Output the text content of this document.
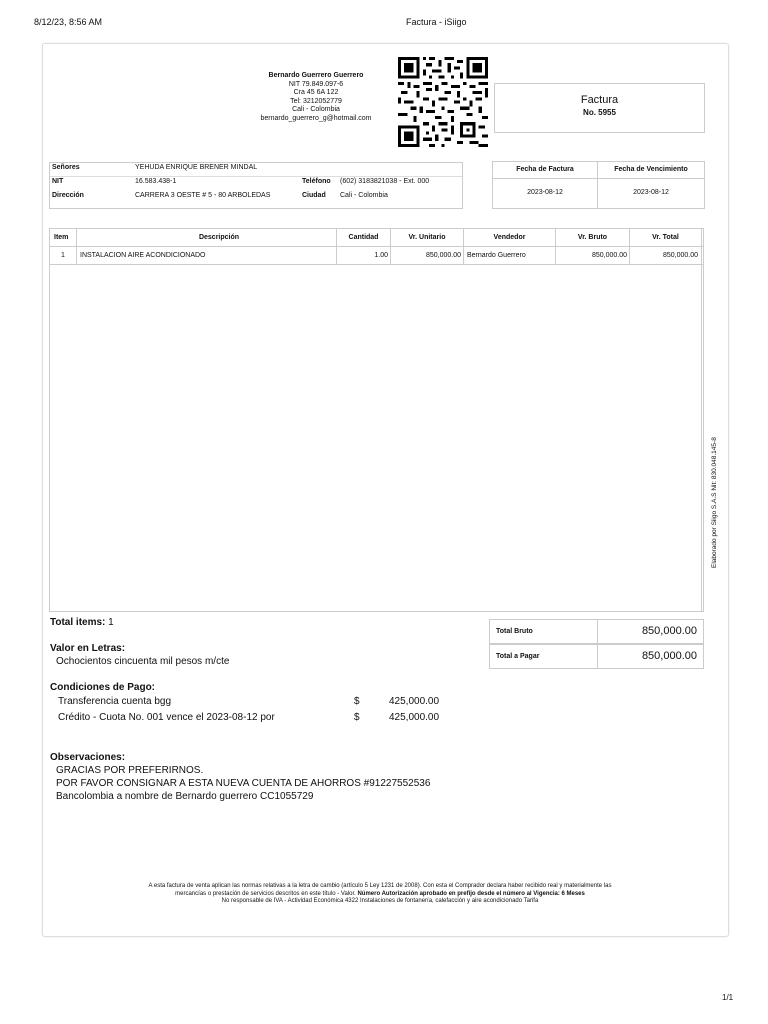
8/12/23, 8:56 AM	Factura - iSiigo
Bernardo Guerrero Guerrero
NIT 79.849.097-6
Cra 45 6A 122
Tel: 3212052779
Cali - Colombia
bernardo_guerrero_g@hotmail.com
Factura
No. 5955
Señores	YEHUDA ENRIQUE BRENER MINDAL
NIT	16.583.438-1	Teléfono (602) 3183821038 - Ext. 000
Dirección	CARRERA 3 OESTE # 5 - 80 ARBOLEDAS	Ciudad Cali - Colombia
Fecha de Factura	Fecha de Vencimiento
2023-08-12	2023-08-12
Item	Descripción	Cantidad	Vr. Unitario	Vendedor	Vr. Bruto	Vr. Total
1	INSTALACION AIRE ACONDICIONADO	1.00	850,000.00 Bernardo Guerrero	850,000.00	850,000.00
Total items: 1
Valor en Letras:
Ochocientos cincuenta mil pesos m/cte
Condiciones de Pago:
Transferencia cuenta bgg	$	425,000.00
Crédito - Cuota No. 001 vence el 2023-08-12 por	$	425,000.00
Observaciones:
GRACIAS POR PREFERIRNOS.
POR FAVOR CONSIGNAR A ESTA NUEVA CUENTA DE AHORROS #91227552536
Bancolombia a nombre de Bernardo guerrero CC1055729
Total Bruto	850,000.00
Total a Pagar	850,000.00
A esta factura de venta aplican las normas relativas a la letra de cambio (artículo 5 Ley 1231 de 2008). Con esta el Comprador declara haber recibido real y materialmente las
mercancías o prestación de servicios descritos en este título - Valor. Número Autorización aprobado en prefijo desde el número al Vigencia: 6 Meses
No responsable de IVA - Actividad Económica 4322 Instalaciones de fontanería, calefacción y aire acondicionado Tarifa
Elaborado por Siigo S.A.S Nit: 830.048.145-8
1/1
